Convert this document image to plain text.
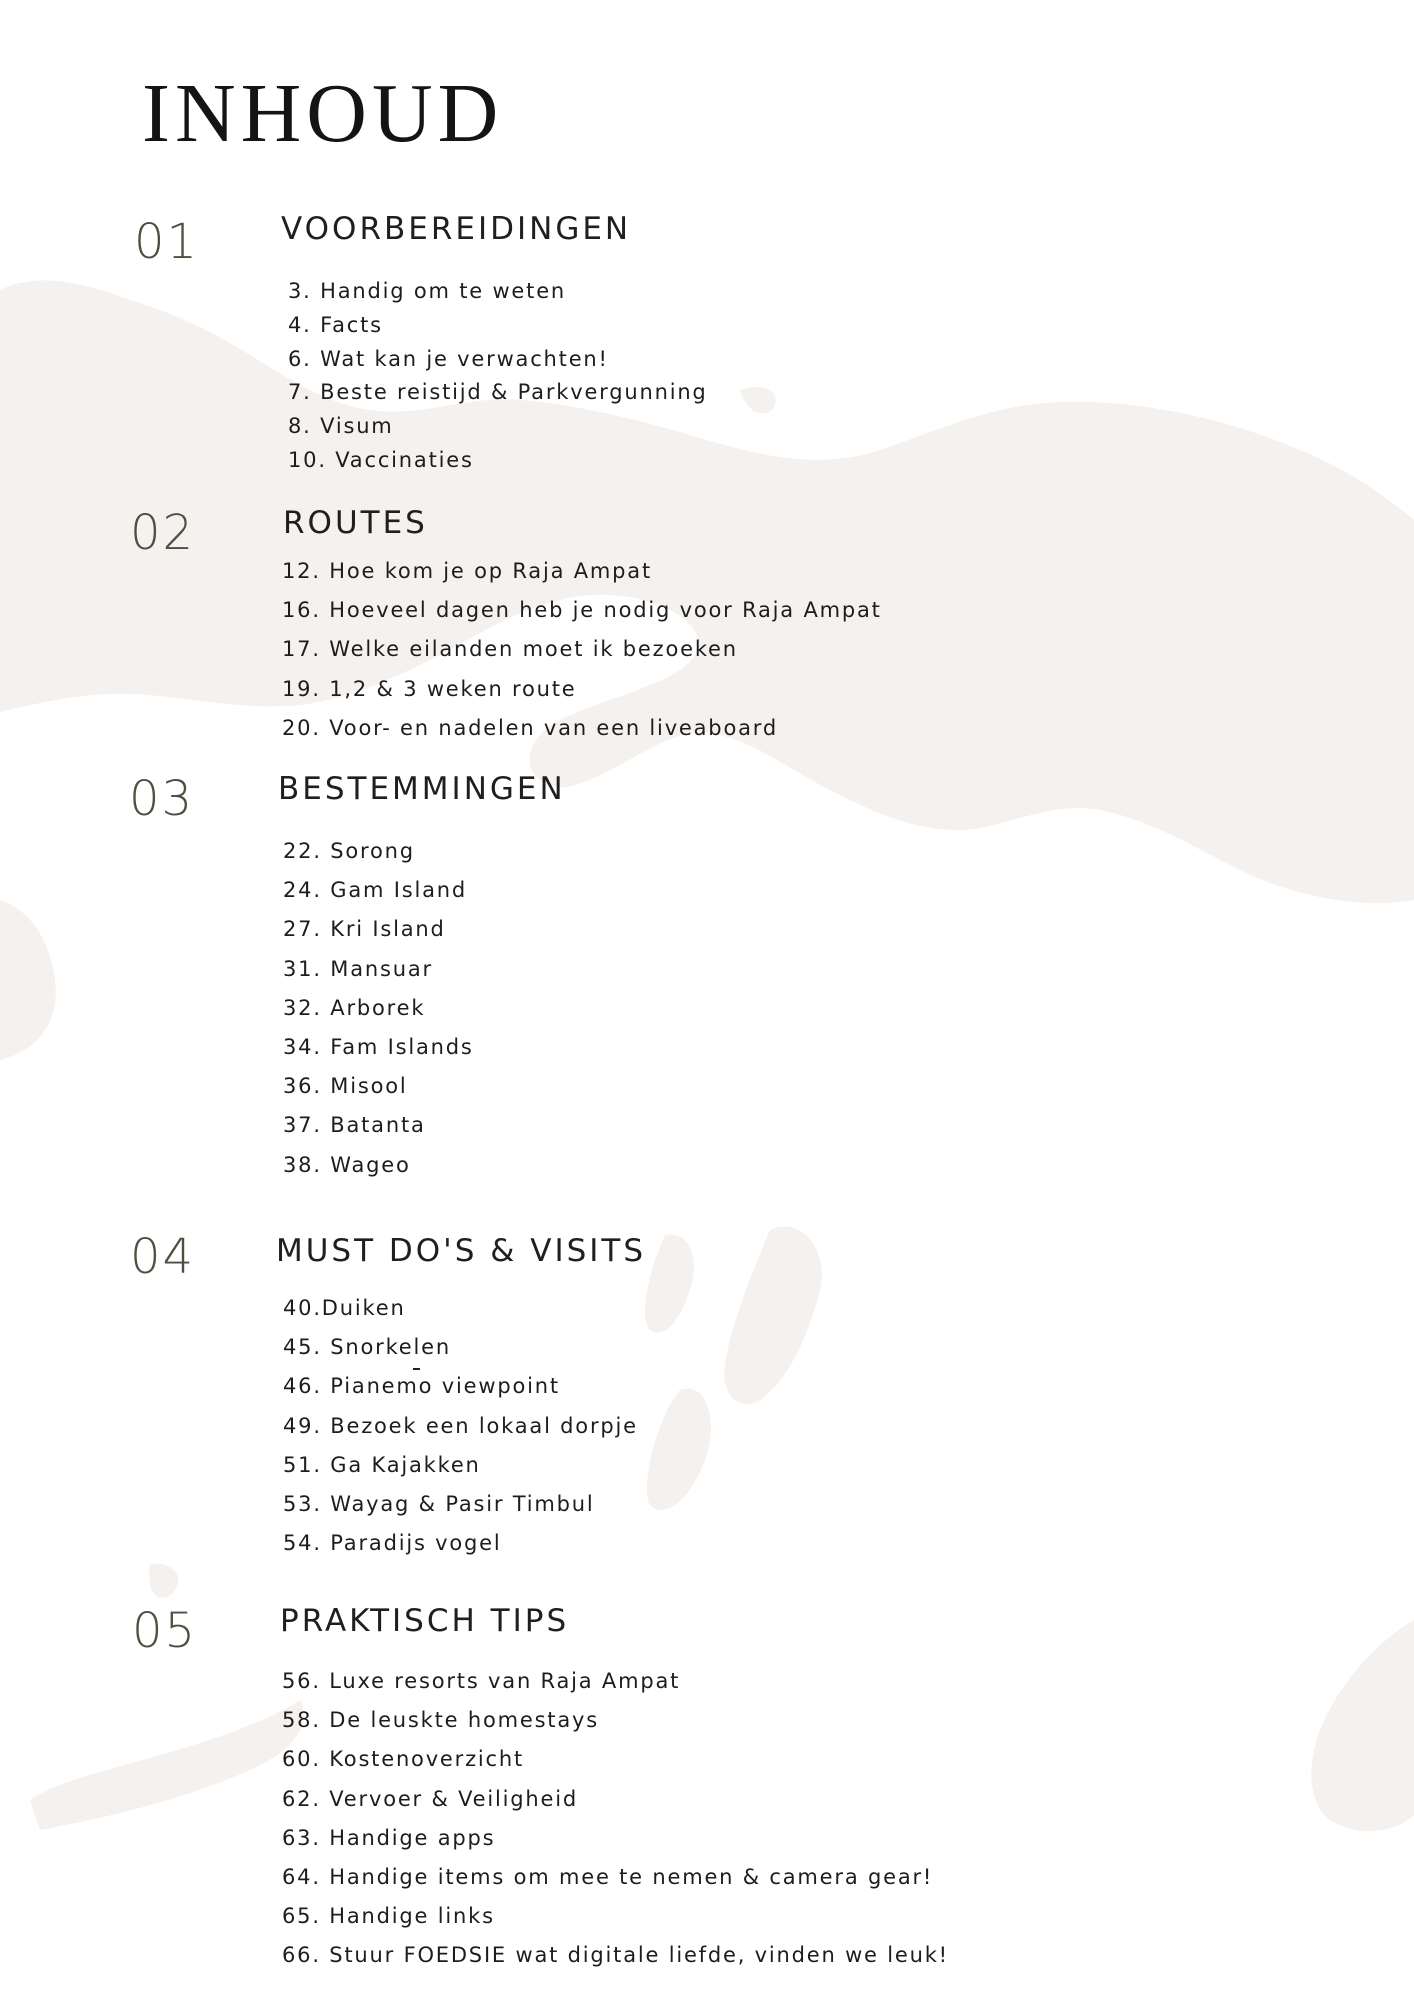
INHOUD
01	VOORBEREIDINGEN
3. Handig om te weten
4. Facts
6. Wat kan je verwachten!
7. Beste reistijd & Parkvergunning
8. Visum
10. Vaccinaties
02	ROUTES
12. Hoe kom je op Raja Ampat
16. Hoeveel dagen heb je nodig voor Raja Ampat
17. Welke eilanden moet ik bezoeken
19. 1,2 & 3 weken route
20. Voor- en nadelen van een liveaboard
03	BESTEMMINGEN
22. Sorong
24. Gam Island
27. Kri Island
31. Mansuar
32. Arborek
34. Fam Islands
36. Misool
37. Batanta
38. Wageo
04	MUST DO'S & VISITS
40.Duiken
45. Snorkelen
46. Pianemo viewpoint
49. Bezoek een lokaal dorpje
51. Ga Kajakken
53. Wayag & Pasir Timbul
54. Paradijs vogel
05	PRAKTISCH TIPS
56. Luxe resorts van Raja Ampat
58. De leuskte homestays
60. Kostenoverzicht
62. Vervoer & Veiligheid
63. Handige apps
64. Handige items om mee te nemen & camera gear!
65. Handige links
66. Stuur FOEDSIE wat digitale liefde, vinden we leuk!
